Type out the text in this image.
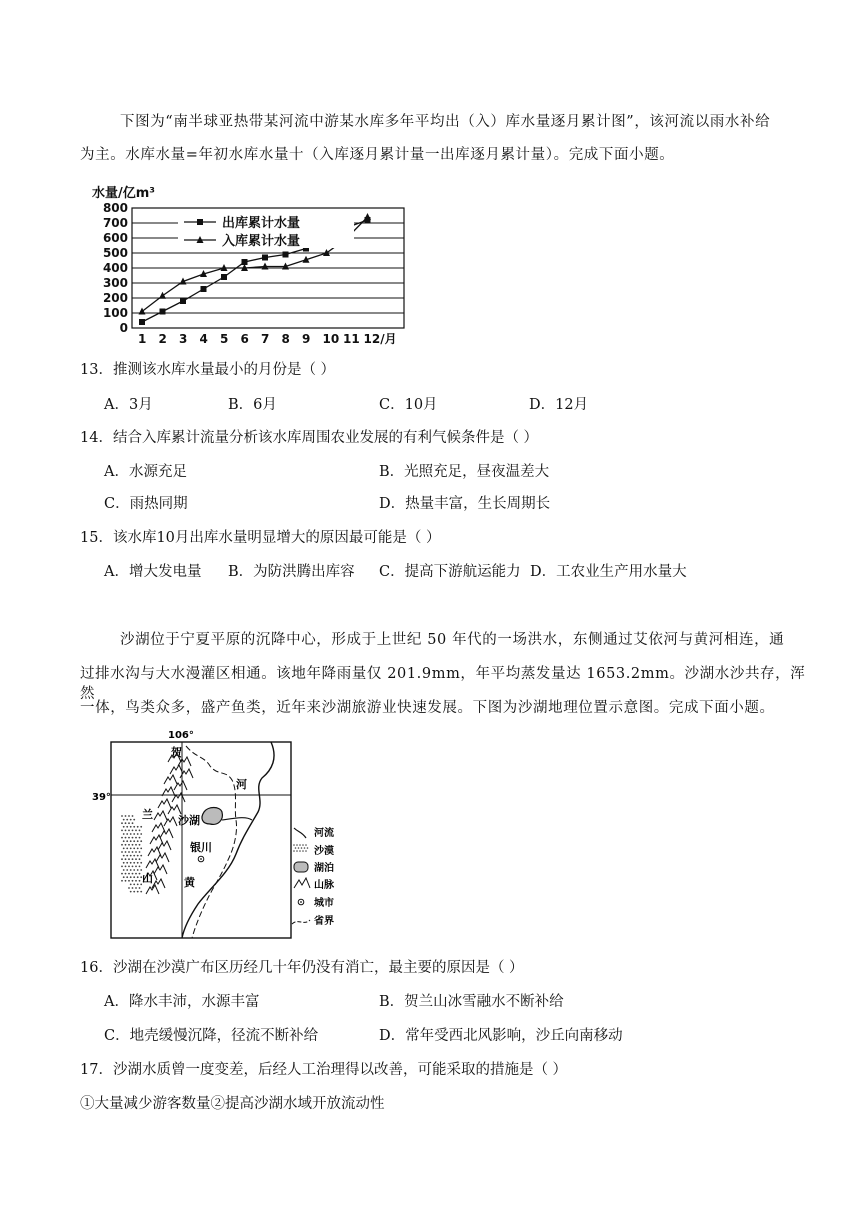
下图为“南半球亚热带某河流中游某水库多年平均出（入）库水量逐月累计图”，该河流以雨水补给
为主。水库水量=年初水库水量十（入库逐月累计量一出库逐月累计量）。完成下面小题。
水量/亿m³
0
100
200
300
400
500
600
700
800
1 2 3 4 5 6 7 8 9 10 11 12/月
出库累计水量
入库累计水量
13．推测该水库水量最小的月份是（ ）
A．3月	B．6月	C．10月	D．12月
14．结合入库累计流量分析该水库周围农业发展的有利气候条件是（ ）
A．水源充足	B．光照充足，昼夜温差大
C．雨热同期	D．热量丰富，生长周期长
15．该水库10月出库水量明显增大的原因最可能是（ ）
A．增大发电量 B．为防洪腾出库容 C．提高下游航运能力 D．工农业生产用水量大
沙湖位于宁夏平原的沉降中心，形成于上世纪 50 年代的一场洪水，东侧通过艾依河与黄河相连，通
过排水沟与大水漫灌区相通。该地年降雨量仅 201.9mm，年平均蒸发量达 1653.2mm。沙湖水沙共存，浑然
一体，鸟类众多，盛产鱼类，近年来沙湖旅游业快速发展。下图为沙湖地理位置示意图。完成下面小题。
106°
39°
贺
兰
山
河
沙湖
银川
黄
河流
沙漠
湖泊
山脉
城市
省界
16．沙湖在沙漠广布区历经几十年仍没有消亡，最主要的原因是（ ）
A．降水丰沛，水源丰富	B．贺兰山冰雪融水不断补给
C．地壳缓慢沉降，径流不断补给	D．常年受西北风影响，沙丘向南移动
17．沙湖水质曾一度变差，后经人工治理得以改善，可能采取的措施是（ ）
①大量减少游客数量②提高沙湖水域开放流动性
